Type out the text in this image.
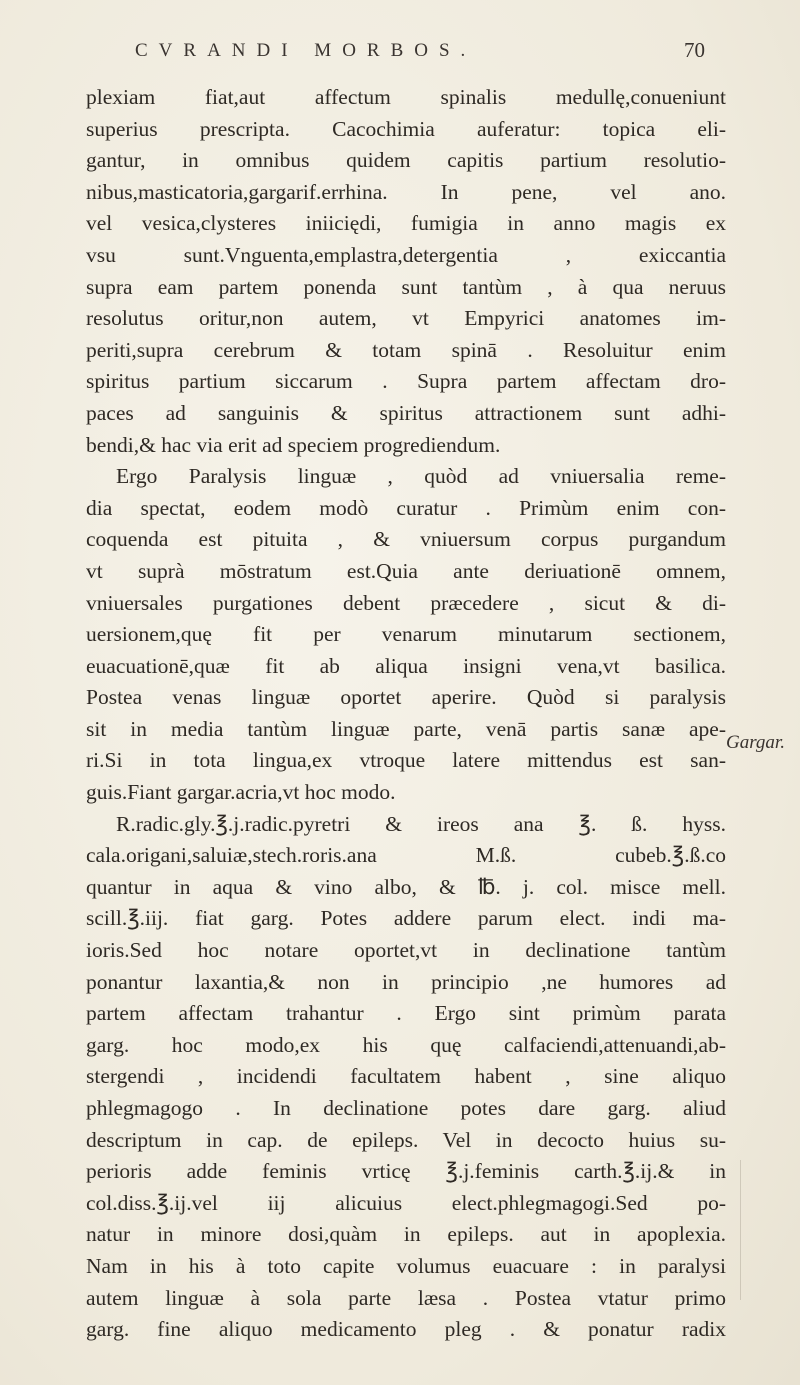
CVRANDI MORBOS.	70
plexiam fiat,aut affectum spinalis medullę,conueniunt
superius prescripta. Cacochimia auferatur: topica eli-
gantur, in omnibus quidem capitis partium resolutio-
nibus,masticatoria,gargarif.errhina. In pene, vel ano.
vel vesica,clysteres iniiciędi, fumigia in anno magis ex
vsu sunt.Vnguenta,emplastra,detergentia , exiccantia
supra eam partem ponenda sunt tantùm , à qua neruus
resolutus oritur,non autem, vt Empyrici anatomes im-
periti,supra cerebrum & totam spinā . Resoluitur enim
spiritus partium siccarum . Supra partem affectam dro-
paces ad sanguinis & spiritus attractionem sunt adhi-
bendi,& hac via erit ad speciem progrediendum.
Ergo Paralysis linguæ , quòd ad vniuersalia reme-
dia spectat, eodem modò curatur . Primùm enim con-
coquenda est pituita , & vniuersum corpus purgandum
vt suprà mōstratum est.Quia ante deriuationē omnem,
vniuersales purgationes debent præcedere , sicut & di-
uersionem,quę fit per venarum minutarum sectionem,
euacuationē,quæ fit ab aliqua insigni vena,vt basilica.
Postea venas linguæ oportet aperire. Quòd si paralysis
sit in media tantùm linguæ parte, venā partis sanæ ape-
ri.Si in tota lingua,ex vtroque latere mittendus est san-
guis.Fiant gargar.acria,vt hoc modo.
R.radic.gly.℥.j.radic.pyretri & ireos ana ℥. ß. hyss.
cala.origani,saluiæ,stech.roris.ana M.ß. cubeb.℥.ß.co
quantur in aqua & vino albo, & ℔. j. col. misce mell.
scill.℥.iij. fiat garg. Potes addere parum elect. indi ma-
ioris.Sed hoc notare oportet,vt in declinatione tantùm
ponantur laxantia,& non in principio ,ne humores ad
partem affectam trahantur . Ergo sint primùm parata
garg. hoc modo,ex his quę calfaciendi,attenuandi,ab-
stergendi , incidendi facultatem habent , sine aliquo
phlegmagogo . In declinatione potes dare garg. aliud
descriptum in cap. de epileps. Vel in decocto huius su-
perioris adde feminis vrticę ℥.j.feminis carth.℥.ij.& in
col.diss.℥.ij.vel iij alicuius elect.phlegmagogi.Sed po-
natur in minore dosi,quàm in epileps. aut in apoplexia.
Nam in his à toto capite volumus euacuare : in paralysi
autem linguæ à sola parte læsa . Postea vtatur primo
garg. fine aliquo medicamento pleg . & ponatur radix
Gargar.
